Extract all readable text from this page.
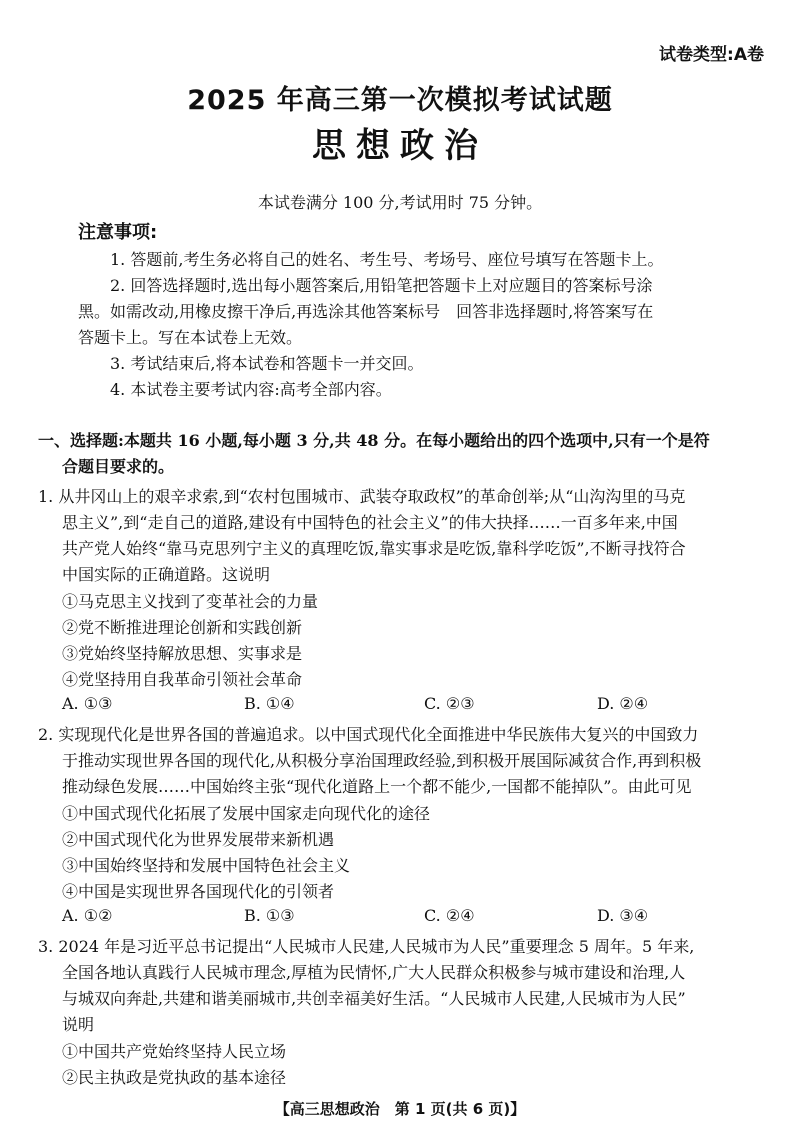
试卷类型:A卷
2025 年高三第一次模拟考试试题
思想政治
本试卷满分 100 分,考试用时 75 分钟。
注意事项:
1. 答题前,考生务必将自己的姓名、考生号、考场号、座位号填写在答题卡上。
2. 回答选择题时,选出每小题答案后,用铅笔把答题卡上对应题目的答案标号涂
黑。如需改动,用橡皮擦干净后,再选涂其他答案标号　回答非选择题时,将答案写在
答题卡上。写在本试卷上无效。
3. 考试结束后,将本试卷和答题卡一并交回。
4. 本试卷主要考试内容:高考全部内容。
一、选择题:本题共 16 小题,每小题 3 分,共 48 分。在每小题给出的四个选项中,只有一个是符
合题目要求的。
1. 从井冈山上的艰辛求索,到“农村包围城市、武装夺取政权”的革命创举;从“山沟沟里的马克
思主义”,到“走自己的道路,建设有中国特色的社会主义”的伟大抉择……一百多年来,中国
共产党人始终“靠马克思列宁主义的真理吃饭,靠实事求是吃饭,靠科学吃饭”,不断寻找符合
中国实际的正确道路。这说明
①马克思主义找到了变革社会的力量
②党不断推进理论创新和实践创新
③党始终坚持解放思想、实事求是
④党坚持用自我革命引领社会革命
A. ①③	B. ①④	C. ②③	D. ②④
2. 实现现代化是世界各国的普遍追求。以中国式现代化全面推进中华民族伟大复兴的中国致力
于推动实现世界各国的现代化,从积极分享治国理政经验,到积极开展国际减贫合作,再到积极
推动绿色发展……中国始终主张“现代化道路上一个都不能少,一国都不能掉队”。由此可见
①中国式现代化拓展了发展中国家走向现代化的途径
②中国式现代化为世界发展带来新机遇
③中国始终坚持和发展中国特色社会主义
④中国是实现世界各国现代化的引领者
A. ①②	B. ①③	C. ②④	D. ③④
3. 2024 年是习近平总书记提出“人民城市人民建,人民城市为人民”重要理念 5 周年。5 年来,
全国各地认真践行人民城市理念,厚植为民情怀,广大人民群众积极参与城市建设和治理,人
与城双向奔赴,共建和谐美丽城市,共创幸福美好生活。“人民城市人民建,人民城市为人民”
说明
①中国共产党始终坚持人民立场
②民主执政是党执政的基本途径
【高三思想政治　第 1 页(共 6 页)】
